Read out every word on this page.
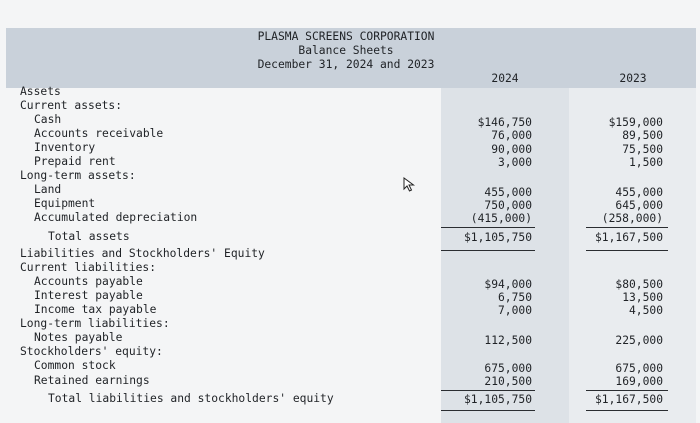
PLASMA SCREENS CORPORATION
Balance Sheets
December 31, 2024 and 2023
2024	2023
Assets
Current assets:
Cash
Accounts receivable
Inventory
Prepaid rent
Long-term assets:
Land
Equipment
Accumulated depreciation
Total assets
Liabilities and Stockholders' Equity
Current liabilities:
Accounts payable
Interest payable
Income tax payable
Long-term liabilities:
Notes payable
Stockholders' equity:
Common stock
Retained earnings
Total liabilities and stockholders' equity
$146,750
76,000
90,000
3,000
455,000
750,000
(415,000)
$1,105,750
$94,000
6,750
7,000
112,500
675,000
210,500
$1,105,750
$159,000
89,500
75,500
1,500
455,000
645,000
(258,000)
$1,167,500
$80,500
13,500
4,500
225,000
675,000
169,000
$1,167,500
